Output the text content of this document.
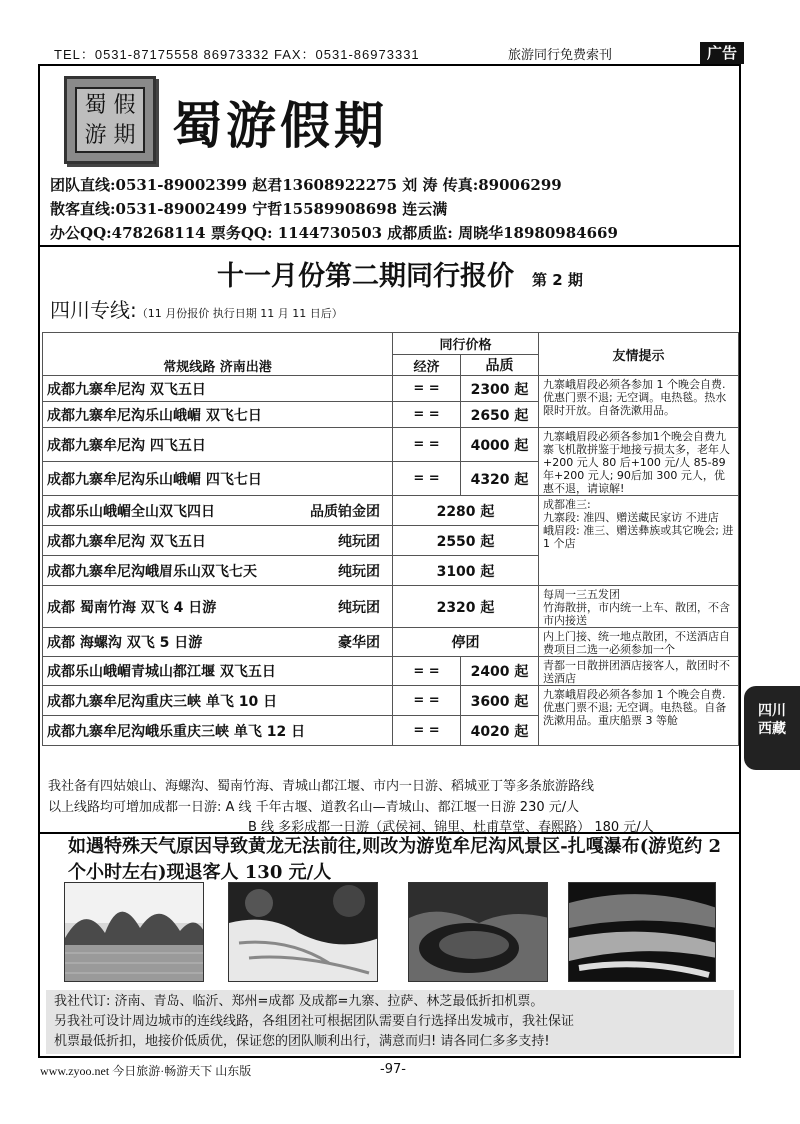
TEL：0531-87175558 86973332 FAX：0531-86973331	旅游同行免费索刊	广告
蜀 假
游 期 蜀游假期
团队直线:0531-89002399 赵君13608922275 刘 涛 传真:89006299
散客直线:0531-89002499 宁哲15589908698 连云满
办公QQ:478268114 票务QQ: 1144730503 成都质监: 周晓华18980984669
十一月份第二期同行报价 第 2 期
四川专线:（11 月份报价 执行日期 11 月 11 日后）
常规线路 济南出港	同行价格		友情提示
	经济	品质	
成都九寨牟尼沟 双飞五日	= =	2300 起	九寨峨眉段必须各参加 1 个晚会自费.优惠门票不退; 无空调。电热毯。热水限时开放。自备洗漱用品。
成都九寨牟尼沟乐山峨嵋 双飞七日	= =	2650 起	
成都九寨牟尼沟 四飞五日	= =	4000 起	九寨峨眉段必须各参加1个晚会自费九寨飞机散拼鉴于地接亏损太多，老年人+200 元人 80 后+100 元/人 85-89 年+200 元人; 90后加 300 元人，优惠不退，请谅解!
成都九寨牟尼沟乐山峨嵋 四飞七日	= =	4320 起	
成都乐山峨嵋全山双飞四日 品质铂金团	2280 起		成都准三:
九寨段: 准四、赠送藏民家访 不进店
峨眉段: 准三、赠送彝族或其它晚会; 进 1 个店
成都九寨牟尼沟 双飞五日 纯玩团	2550 起		
成都九寨牟尼沟峨眉乐山双飞七天 纯玩团	3100 起		
成都 蜀南竹海 双飞 4 日游 纯玩团	2320 起		每周一三五发团
竹海散拼，市内统一上车、散团，不含市内接送
成都 海螺沟 双飞 5 日游 豪华团	停团		内上门接、统一地点散团，不送酒店自费项目二选一必须参加一个
成都乐山峨嵋青城山都江堰 双飞五日	= =	2400 起	青都一日散拼团酒店接客人，散团时不送酒店
成都九寨牟尼沟重庆三峡 单飞 10 日	= =	3600 起	九寨峨眉段必须各参加 1 个晚会自费.优惠门票不退; 无空调。电热毯。自备洗漱用品。重庆船票 3 等舱
成都九寨牟尼沟峨乐重庆三峡 单飞 12 日	= =	4020 起	
我社备有四姑娘山、海螺沟、蜀南竹海、青城山都江堰、市内一日游、稻城亚丁等多条旅游路线
以上线路均可增加成都一日游: A 线 千年古堰、道教名山—青城山、都江堰一日游 230 元/人
B 线 多彩成都一日游（武侯祠、锦里、杜甫草堂、春熙路） 180 元/人
如遇特殊天气原因导致黄龙无法前往,则改为游览牟尼沟风景区-扎嘎瀑布(游览约 2 个小时左右)现退客人 130 元/人
我社代订: 济南、青岛、临沂、郑州=成都 及成都=九寨、拉萨、林芝最低折扣机票。
另我社可设计周边城市的连线线路，各组团社可根据团队需要自行选择出发城市，我社保证
机票最低折扣，地接价低质优，保证您的团队顺利出行，满意而归! 请各同仁多多支持!
四川
西藏
www.zyoo.net 今日旅游·畅游天下 山东版	-97-
